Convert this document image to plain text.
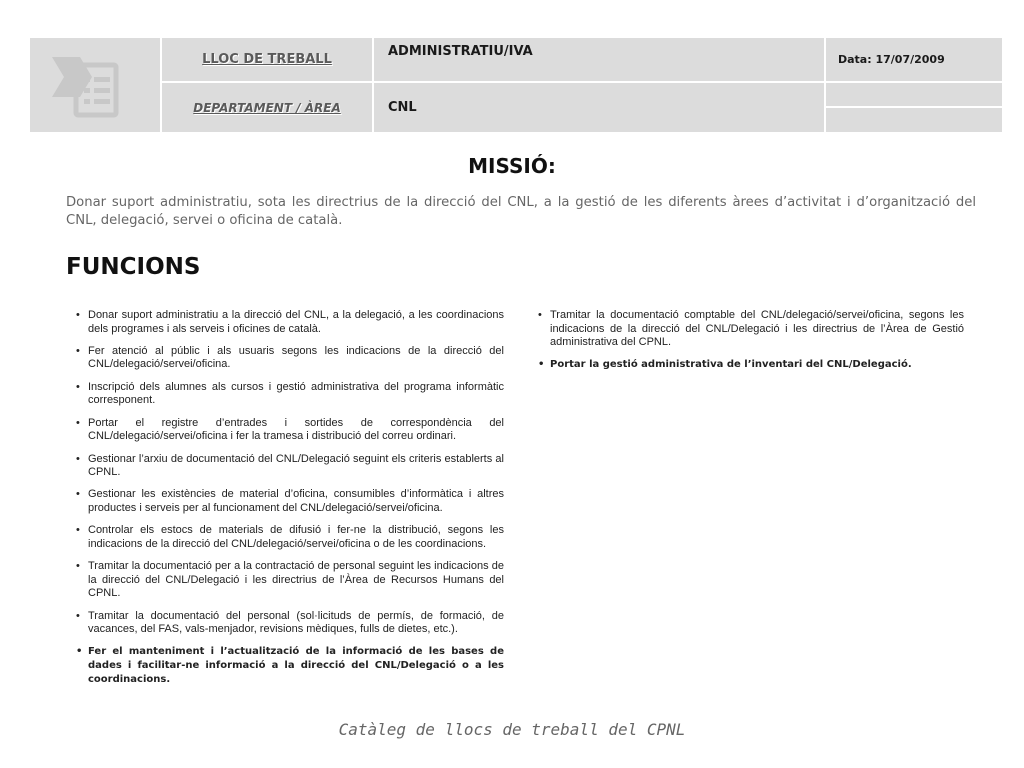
LLOC DE TREBALL
ADMINISTRATIU/IVA
Data: 17/07/2009
DEPARTAMENT / ÀREA	CNL
MISSIÓ:
Donar suport administratiu, sota les directrius de la direcció del CNL, a la gestió de les diferents àrees d’activitat i d’organització del CNL, delegació, servei o oficina de català.
FUNCIONS
• Donar suport administratiu a la direcció del CNL, a la delegació, a les coordinacions dels programes i als serveis i oficines de català.
• Fer atenció al públic i als usuaris segons les indicacions de la direcció del CNL/delegació/servei/oficina.
• Inscripció dels alumnes als cursos i gestió administrativa del programa informàtic corresponent.
• Portar el registre d’entrades i sortides de correspondència del CNL/delegació/servei/oficina i fer la tramesa i distribució del correu ordinari.
• Gestionar l’arxiu de documentació del CNL/Delegació seguint els criteris establerts al CPNL.
• Gestionar les existències de material d’oficina, consumibles d’informàtica i altres productes i serveis per al funcionament del CNL/delegació/servei/oficina.
• Controlar els estocs de materials de difusió i fer-ne la distribució, segons les indicacions de la direcció del CNL/delegació/servei/oficina o de les coordinacions.
• Tramitar la documentació per a la contractació de personal seguint les indicacions de la direcció del CNL/Delegació i les directrius de l’Àrea de Recursos Humans del CPNL.
• Tramitar la documentació del personal (sol·licituds de permís, de formació, de vacances, del FAS, vals-menjador, revisions mèdiques, fulls de dietes, etc.).
• Fer el manteniment i l’actualització de la informació de les bases de dades i facilitar-ne informació a la direcció del CNL/Delegació o a les coordinacions.
• Tramitar la documentació comptable del CNL/delegació/servei/oficina, segons les indicacions de la direcció del CNL/Delegació i les directrius de l’Àrea de Gestió administrativa del CPNL.
• Portar la gestió administrativa de l’inventari del CNL/Delegació.
Catàleg de llocs de treball del CPNL
